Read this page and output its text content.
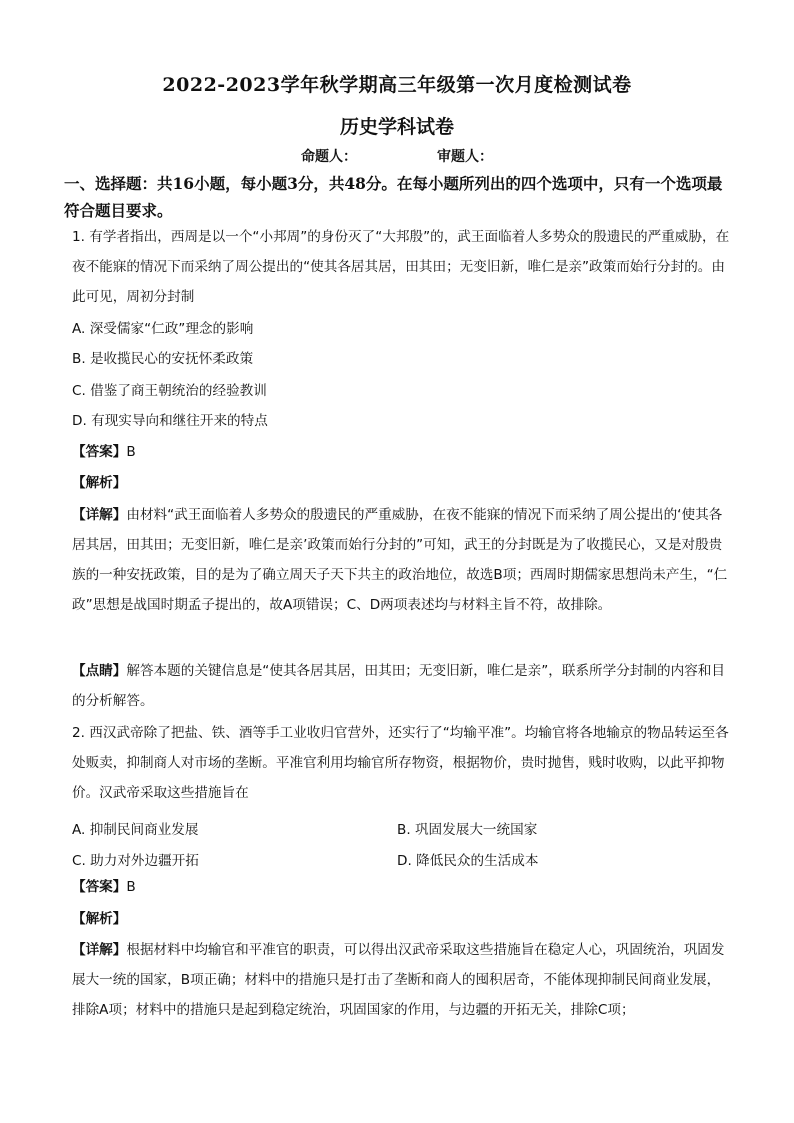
2022-2023学年秋学期高三年级第一次月度检测试卷
历史学科试卷
命题人：	审题人：
一、选择题：共16小题，每小题3分，共48分。在每小题所列出的四个选项中，只有一个选项最符合题目要求。
1. 有学者指出，西周是以一个“小邦周”的身份灭了“大邦殷”的，武王面临着人多势众的殷遗民的严重威胁，在夜不能寐的情况下而采纳了周公提出的“使其各居其居，田其田；无变旧新，唯仁是亲”政策而始行分封的。由此可见，周初分封制
A. 深受儒家“仁政”理念的影响
B. 是收揽民心的安抚怀柔政策
C. 借鉴了商王朝统治的经验教训
D. 有现实导向和继往开来的特点
【答案】B
【解析】
【详解】由材料“武王面临着人多势众的殷遗民的严重威胁，在夜不能寐的情况下而采纳了周公提出的‘使其各居其居，田其田；无变旧新，唯仁是亲’政策而始行分封的”可知，武王的分封既是为了收揽民心，又是对殷贵族的一种安抚政策，目的是为了确立周天子天下共主的政治地位，故选B项；西周时期儒家思想尚未产生，“仁政”思想是战国时期孟子提出的，故A项错误；C、D两项表述均与材料主旨不符，故排除。
【点睛】解答本题的关键信息是“使其各居其居，田其田；无变旧新，唯仁是亲”，联系所学分封制的内容和目的分析解答。
2. 西汉武帝除了把盐、铁、酒等手工业收归官营外，还实行了“均输平准”。均输官将各地输京的物品转运至各处贩卖，抑制商人对市场的垄断。平准官利用均输官所存物资，根据物价，贵时抛售，贱时收购，以此平抑物价。汉武帝采取这些措施旨在
A. 抑制民间商业发展	B. 巩固发展大一统国家
C. 助力对外边疆开拓	D. 降低民众的生活成本
【答案】B
【解析】
【详解】根据材料中均输官和平准官的职责，可以得出汉武帝采取这些措施旨在稳定人心，巩固统治，巩固发展大一统的国家，B项正确；材料中的措施只是打击了垄断和商人的囤积居奇，不能体现抑制民间商业发展，排除A项；材料中的措施只是起到稳定统治，巩固国家的作用，与边疆的开拓无关，排除C项；
